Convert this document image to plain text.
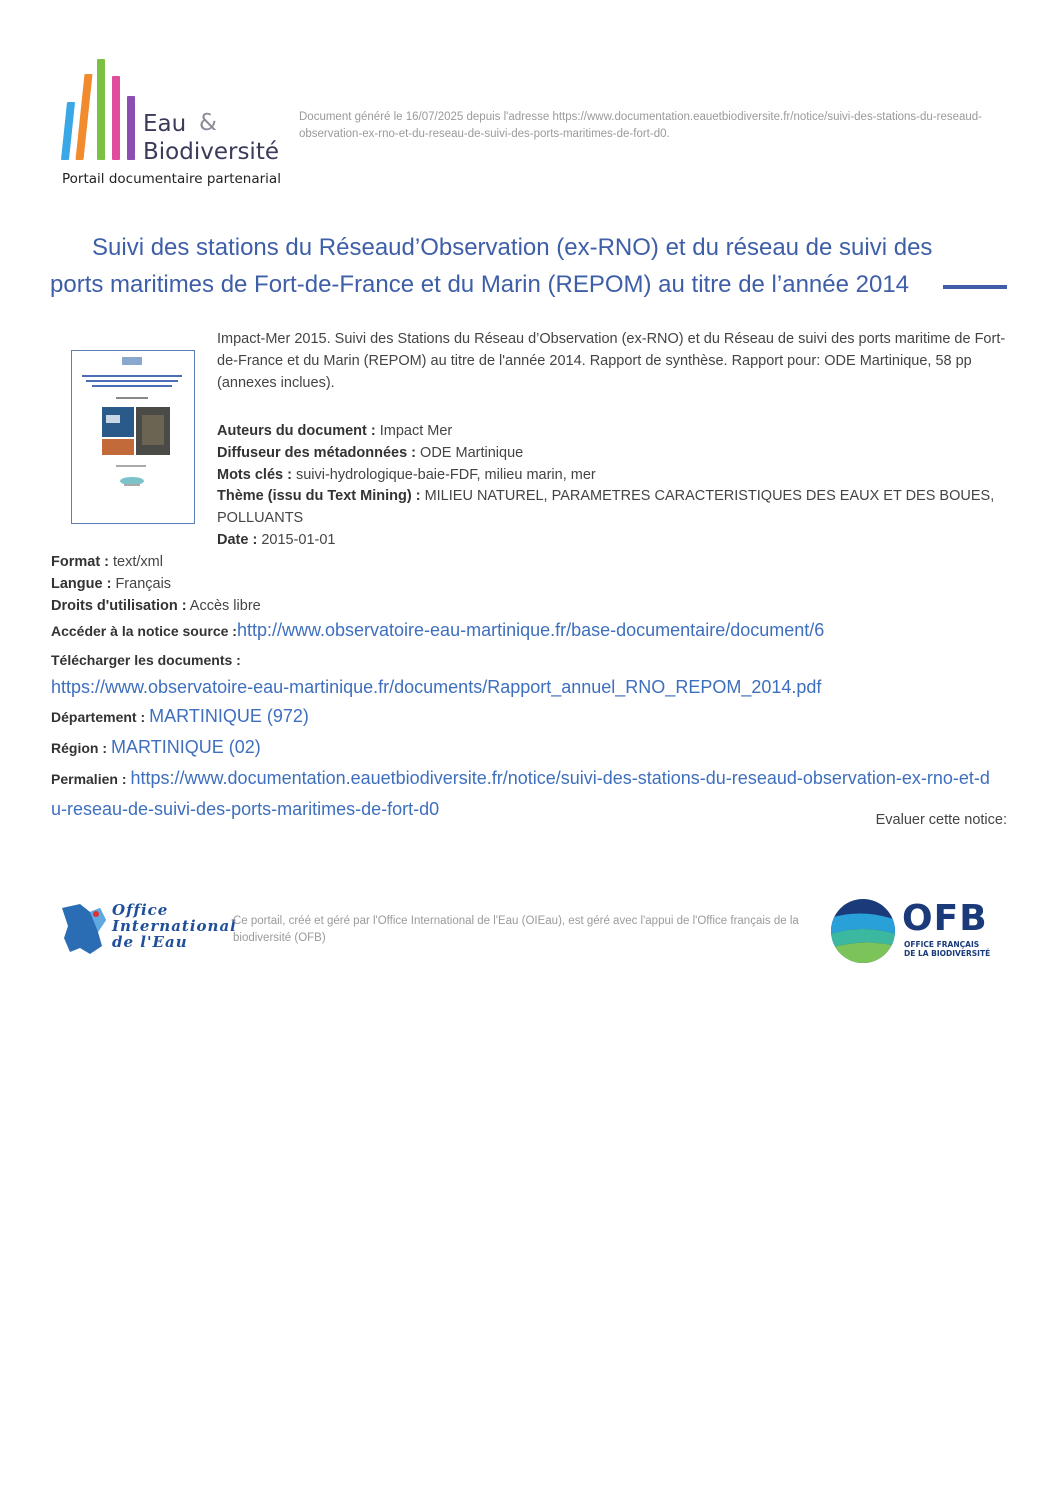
Eau &
Biodiversité
Portail documentaire partenarial
Document généré le 16/07/2025 depuis l'adresse https://www.documentation.eauetbiodiversite.fr/notice/suivi-des-stations-du-reseaud-observation-ex-rno-et-du-reseau-de-suivi-des-ports-maritimes-de-fort-d0.
Suivi des stations du Réseaud’Observation (ex-RNO) et du réseau de suivi des
ports maritimes de Fort-de-France et du Marin (REPOM) au titre de l’année 2014
Impact-Mer 2015. Suivi des Stations du Réseau d’Observation (ex-RNO) et du Réseau de suivi des ports maritime de Fort-de-France et du Marin (REPOM) au titre de l'année 2014. Rapport de synthèse. Rapport pour: ODE Martinique, 58 pp (annexes inclues).
Auteurs du document : Impact Mer
Diffuseur des métadonnées : ODE Martinique
Mots clés : suivi-hydrologique-baie-FDF, milieu marin, mer
Thème (issu du Text Mining) : MILIEU NATUREL, PARAMETRES CARACTERISTIQUES DES EAUX ET DES BOUES, POLLUANTS
Date : 2015-01-01
Format : text/xml
Langue : Français
Droits d'utilisation : Accès libre
Accéder à la notice source :http://www.observatoire-eau-martinique.fr/base-documentaire/document/6
Télécharger les documents :
https://www.observatoire-eau-martinique.fr/documents/Rapport_annuel_RNO_REPOM_2014.pdf
Département : MARTINIQUE (972)
Région : MARTINIQUE (02)
Permalien : https://www.documentation.eauetbiodiversite.fr/notice/suivi-des-stations-du-reseaud-observation-ex-rno-et-du-reseau-de-suivi-des-ports-maritimes-de-fort-d0
Evaluer cette notice:
Office
International
de l'Eau
Ce portail, créé et géré par l'Office International de l'Eau (OIEau), est géré avec l'appui de l'Office français de la biodiversité (OFB)	OFB
OFFICE FRANÇAIS
DE LA BIODIVERSITÉ
